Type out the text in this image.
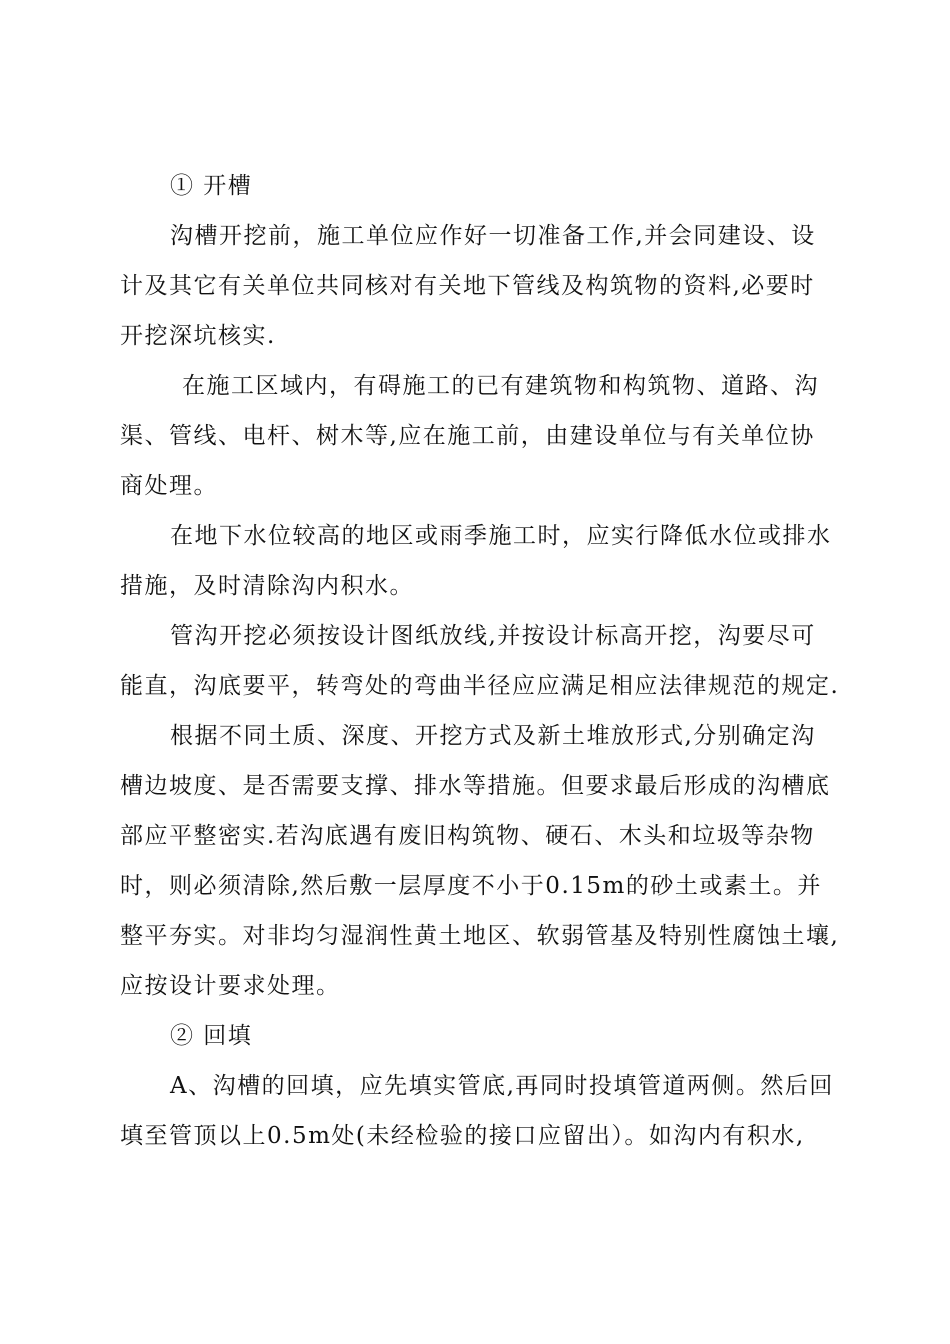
① 开槽
沟槽开挖前，施工单位应作好一切准备工作,并会同建设、设
计及其它有关单位共同核对有关地下管线及构筑物的资料,必要时
开挖深坑核实.
在施工区域内，有碍施工的已有建筑物和构筑物、道路、沟
渠、管线、电杆、树木等,应在施工前，由建设单位与有关单位协
商处理。
在地下水位较高的地区或雨季施工时，应实行降低水位或排水
措施，及时清除沟内积水。
管沟开挖必须按设计图纸放线,并按设计标高开挖，沟要尽可
能直，沟底要平，转弯处的弯曲半径应应满足相应法律规范的规定.
根据不同土质、深度、开挖方式及新土堆放形式,分别确定沟
槽边坡度、是否需要支撑、排水等措施。但要求最后形成的沟槽底
部应平整密实.若沟底遇有废旧构筑物、硬石、木头和垃圾等杂物
时，则必须清除,然后敷一层厚度不小于0.15m的砂土或素土。并
整平夯实。对非均匀湿润性黄土地区、软弱管基及特别性腐蚀土壤,
应按设计要求处理。
② 回填
A、沟槽的回填，应先填实管底,再同时投填管道两侧。然后回
填至管顶以上0.5m处(未经检验的接口应留出）。如沟内有积水,
